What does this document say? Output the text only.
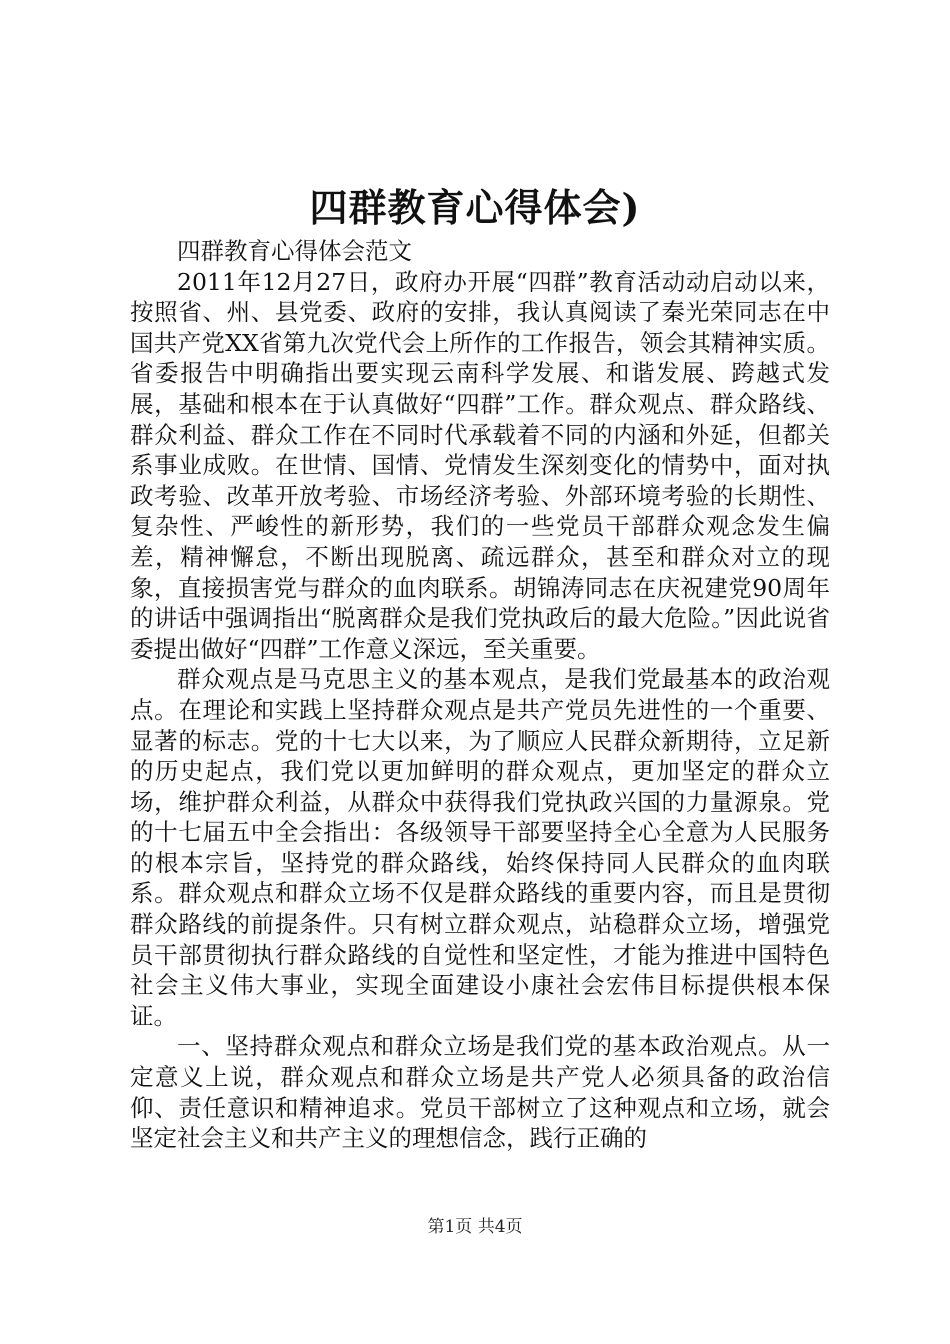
四群教育心得体会)

四群教育心得体会范文

2011年12月27日，政府办开展“四群”教育活动动启动以来，按照省、州、县党委、政府的安排，我认真阅读了秦光荣同志在中国共产党XX省第九次党代会上所作的工作报告，领会其精神实质。省委报告中明确指出要实现云南科学发展、和谐发展、跨越式发展，基础和根本在于认真做好“四群”工作。群众观点、群众路线、群众利益、群众工作在不同时代承载着不同的内涵和外延，但都关系事业成败。在世情、国情、党情发生深刻变化的情势中，面对执政考验、改革开放考验、市场经济考验、外部环境考验的长期性、复杂性、严峻性的新形势，我们的一些党员干部群众观念发生偏差，精神懈怠，不断出现脱离、疏远群众，甚至和群众对立的现象，直接损害党与群众的血肉联系。胡锦涛同志在庆祝建党90周年的讲话中强调指出“脱离群众是我们党执政后的最大危险。”因此说省委提出做好“四群”工作意义深远，至关重要。

群众观点是马克思主义的基本观点，是我们党最基本的政治观点。在理论和实践上坚持群众观点是共产党员先进性的一个重要、显著的标志。党的十七大以来，为了顺应人民群众新期待，立足新的历史起点，我们党以更加鲜明的群众观点，更加坚定的群众立场，维护群众利益，从群众中获得我们党执政兴国的力量源泉。党的十七届五中全会指出：各级领导干部要坚持全心全意为人民服务的根本宗旨，坚持党的群众路线，始终保持同人民群众的血肉联系。群众观点和群众立场不仅是群众路线的重要内容，而且是贯彻群众路线的前提条件。只有树立群众观点，站稳群众立场，增强党员干部贯彻执行群众路线的自觉性和坚定性，才能为推进中国特色社会主义伟大事业，实现全面建设小康社会宏伟目标提供根本保证。

一、坚持群众观点和群众立场是我们党的基本政治观点。从一定意义上说，群众观点和群众立场是共产党人必须具备的政治信仰、责任意识和精神追求。党员干部树立了这种观点和立场，就会坚定社会主义和共产主义的理想信念，践行正确的

第1页 共4页
